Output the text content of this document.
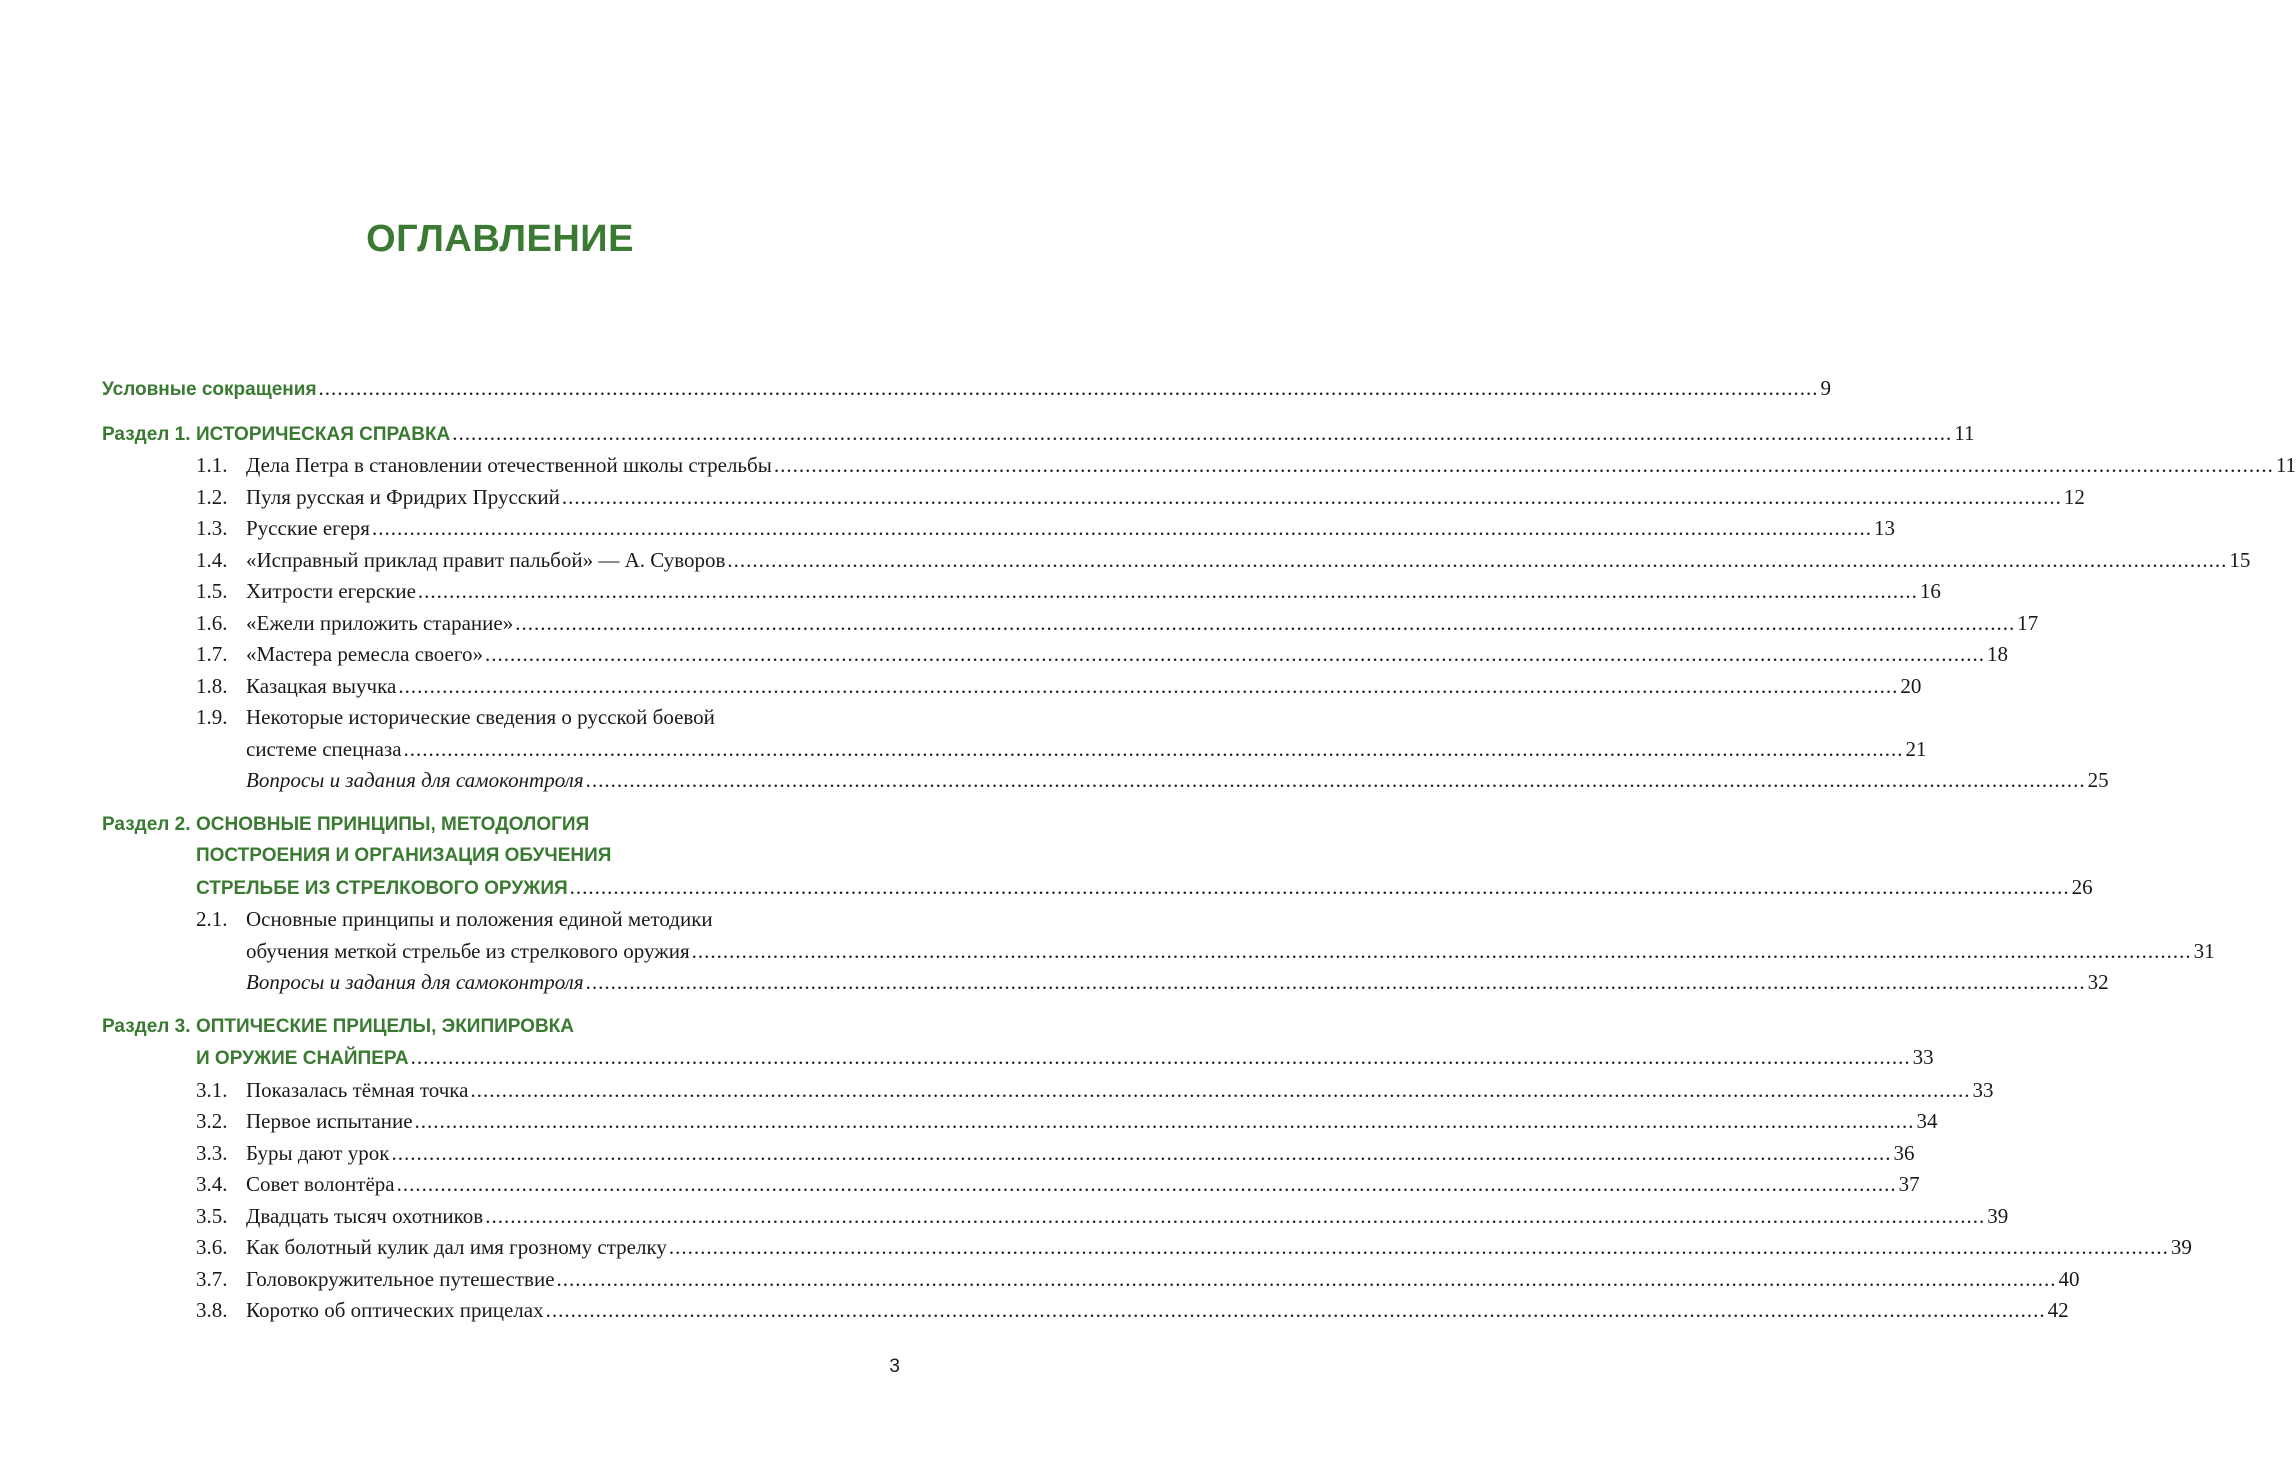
ОГЛАВЛЕНИЕ
Условные сокращения .....	9
Раздел 1. ИСТОРИЧЕСКАЯ СПРАВКА .....	11
1.1. Дела Петра в становлении отечественной школы стрельбы .....	11
1.2. Пуля русская и Фридрих Прусский .....	12
1.3. Русские егеря .....	13
1.4. «Исправный приклад правит пальбой» — А. Суворов .....	15
1.5. Хитрости егерские .....	16
1.6. «Ежели приложить старание» .....	17
1.7. «Мастера ремесла своего» .....	18
1.8. Казацкая выучка .....	20
1.9. Некоторые исторические сведения о русской боевой
системе спецназа .....	21
Вопросы и задания для самоконтроля .....	25
Раздел 2. ОСНОВНЫЕ ПРИНЦИПЫ, МЕТОДОЛОГИЯ
ПОСТРОЕНИЯ И ОРГАНИЗАЦИЯ ОБУЧЕНИЯ
СТРЕЛЬБЕ ИЗ СТРЕЛКОВОГО ОРУЖИЯ .....	26
2.1. Основные принципы и положения единой методики
обучения меткой стрельбе из стрелкового оружия .....	31
Вопросы и задания для самоконтроля .....	32
Раздел 3. ОПТИЧЕСКИЕ ПРИЦЕЛЫ, ЭКИПИРОВКА
И ОРУЖИЕ СНАЙПЕРА .....	33
3.1. Показалась тёмная точка .....	33
3.2. Первое испытание .....	34
3.3. Буры дают урок .....	36
3.4. Совет волонтёра .....	37
3.5. Двадцать тысяч охотников .....	39
3.6. Как болотный кулик дал имя грозному стрелку .....	39
3.7. Головокружительное путешествие .....	40
3.8. Коротко об оптических прицелах .....	42
3
